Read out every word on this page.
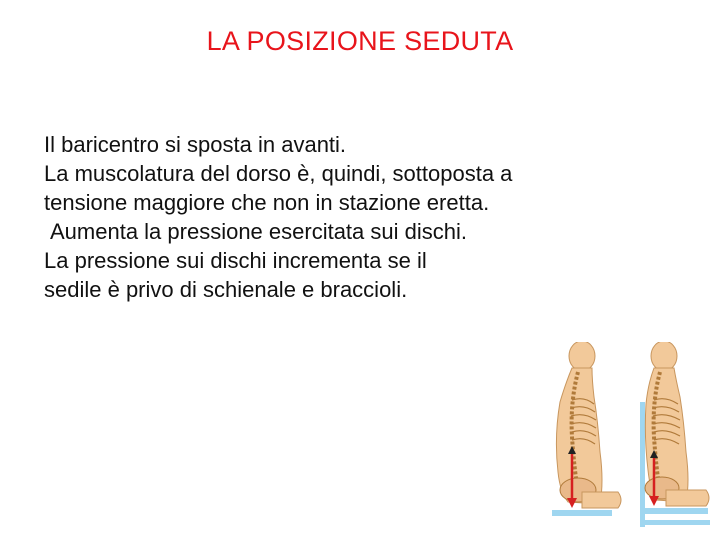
LA POSIZIONE SEDUTA
Il baricentro si sposta in avanti.
La muscolatura del dorso è, quindi, sottoposta a
tensione maggiore che non in stazione eretta.
Aumenta la pressione esercitata sui dischi.
La pressione sui dischi incrementa se il
sedile è privo di schienale e braccioli.
